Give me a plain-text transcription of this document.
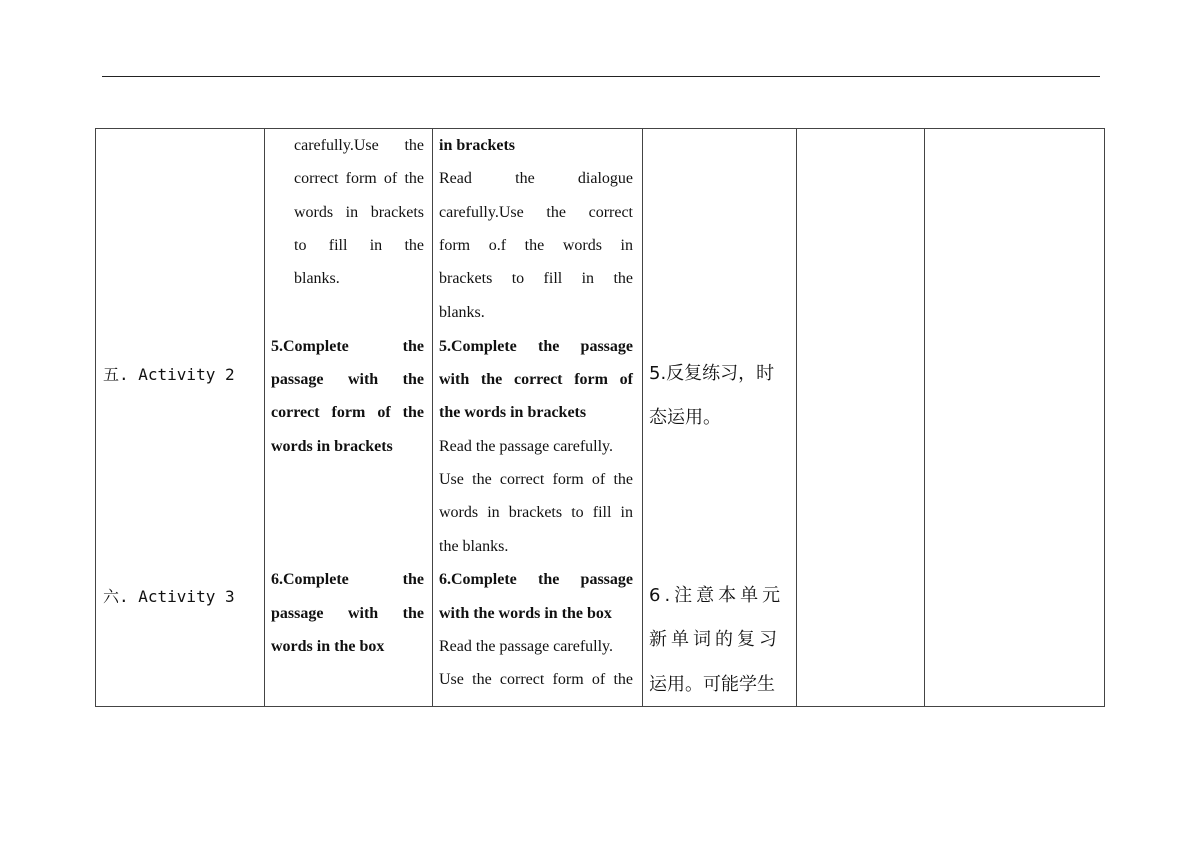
五. Activity 2
六. Activity 3
carefully.Use the
correct form of the
words in brackets
to fill in the
blanks.
5.Complete the
passage with the
correct form of the
words in brackets
6.Complete the
passage with the
words in the box
in brackets
Read the dialogue
carefully.Use the correct
form o.f the words in
brackets to fill in the
blanks.
5.Complete the passage
with the correct form of
the words in brackets
Read the passage carefully.
Use the correct form of the
words in brackets to fill in
the blanks.
6.Complete the passage
with the words in the box
Read the passage carefully.
Use the correct form of the
5.反复练习，时
态运用。
6.注意本单元
新单词的复习
运用。可能学生
